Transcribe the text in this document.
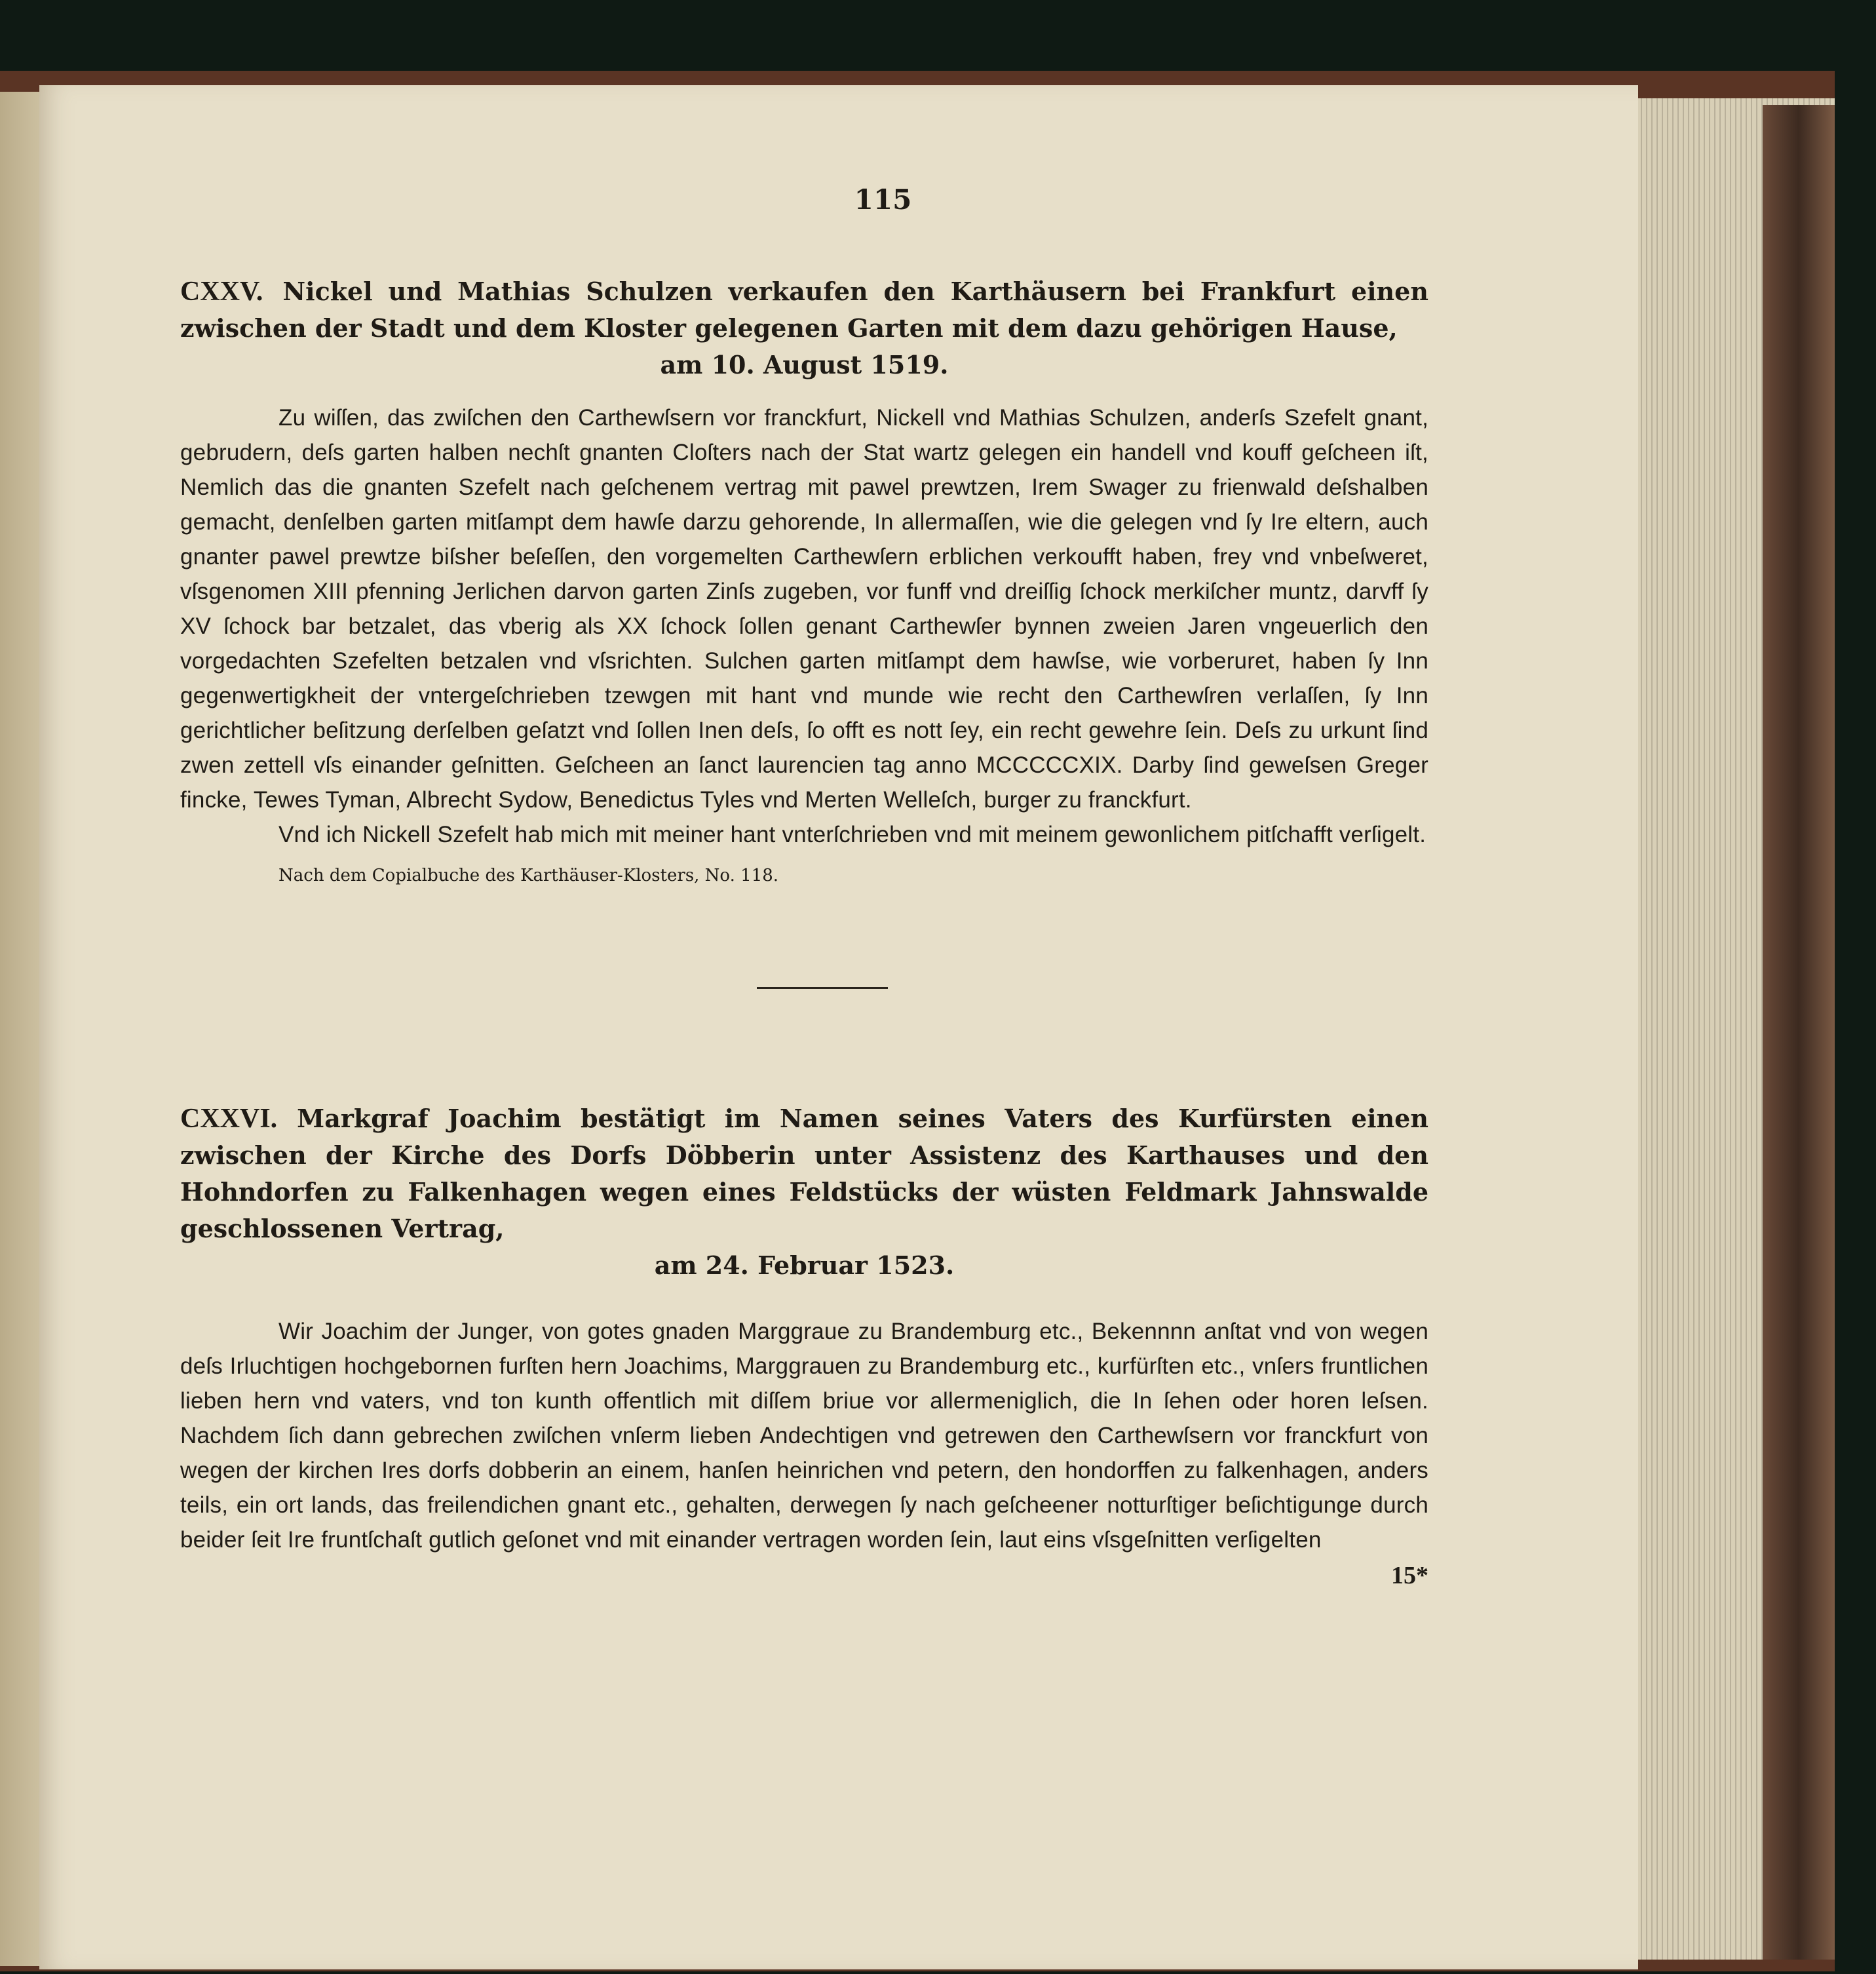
115
CXXV. Nickel und Mathias Schulzen verkaufen den Karthäusern bei Frankfurt einen zwischen der Stadt und dem Kloster gelegenen Garten mit dem dazu gehörigen Hause,
am 10. August 1519.

Zu wiſſen, das zwiſchen den Carthewſsern vor franckfurt, Nickell vnd Mathias Schulzen, anderſs Szefelt gnant, gebrudern, deſs garten halben nechſt gnanten Cloſters nach der Stat wartz gelegen ein handell vnd kouff geſcheen iſt, Nemlich das die gnanten Szefelt nach geſchenem vertrag mit pawel prewtzen, Irem Swager zu frienwald deſshalben gemacht, denſelben garten mitſampt dem hawſe darzu gehorende, In allermaſſen, wie die gelegen vnd ſy Ire eltern, auch gnanter pawel prewtze biſsher beſeſſen, den vorgemelten Carthewſern erblichen verkoufft haben, frey vnd vnbeſweret, vſsgenomen XIII pfenning Jerlichen darvon garten Zinſs zugeben, vor funff vnd dreiſſig ſchock merkiſcher muntz, darvff ſy XV ſchock bar betzalet, das vberig als XX ſchock ſollen genant Carthewſer bynnen zweien Jaren vngeuerlich den vorgedachten Szefelten betzalen vnd vſsrichten. Sulchen garten mitſampt dem hawſse, wie vorberuret, haben ſy Inn gegenwertigkheit der vntergeſchrieben tzewgen mit hant vnd munde wie recht den Carthewſren verlaſſen, ſy Inn gerichtlicher beſitzung derſelben geſatzt vnd ſollen Inen deſs, ſo offt es nott ſey, ein recht gewehre ſein. Deſs zu urkunt ſind zwen zettell vſs einander geſnitten. Geſcheen an ſanct laurencien tag anno MCCCCCXIX. Darby ſind geweſsen Greger fincke, Tewes Tyman, Albrecht Sydow, Benedictus Tyles vnd Merten Welleſch, burger zu franckfurt.

Vnd ich Nickell Szefelt hab mich mit meiner hant vnterſchrieben vnd mit meinem gewonlichem pitſchafft verſigelt.

Nach dem Copialbuche des Karthäuser-Klosters, No. 118.
CXXVI. Markgraf Joachim bestätigt im Namen seines Vaters des Kurfürsten einen zwischen der Kirche des Dorfs Döbberin unter Assistenz des Karthauses und den Hohndorfen zu Falkenhagen wegen eines Feldstücks der wüsten Feldmark Jahnswalde geschlossenen Vertrag,
am 24. Februar 1523.

Wir Joachim der Junger, von gotes gnaden Marggraue zu Brandemburg etc., Bekennnn anſtat vnd von wegen deſs Irluchtigen hochgebornen furſten hern Joachims, Marggrauen zu Brandemburg etc., kurfürſten etc., vnſers fruntlichen lieben hern vnd vaters, vnd ton kunth offentlich mit diſſem briue vor allermeniglich, die In ſehen oder horen leſsen. Nachdem ſich dann gebrechen zwiſchen vnſerm lieben Andechtigen vnd getrewen den Carthewſsern vor franckfurt von wegen der kirchen Ires dorfs dobberin an einem, hanſen heinrichen vnd petern, den hondorffen zu falkenhagen, anders teils, ein ort lands, das freilendichen gnant etc., gehalten, derwegen ſy nach geſcheener notturſtiger beſichtigunge durch beider ſeit Ire fruntſchaſt gutlich geſonet vnd mit einander vertragen worden ſein, laut eins vſsgeſnitten verſigelten

15*
